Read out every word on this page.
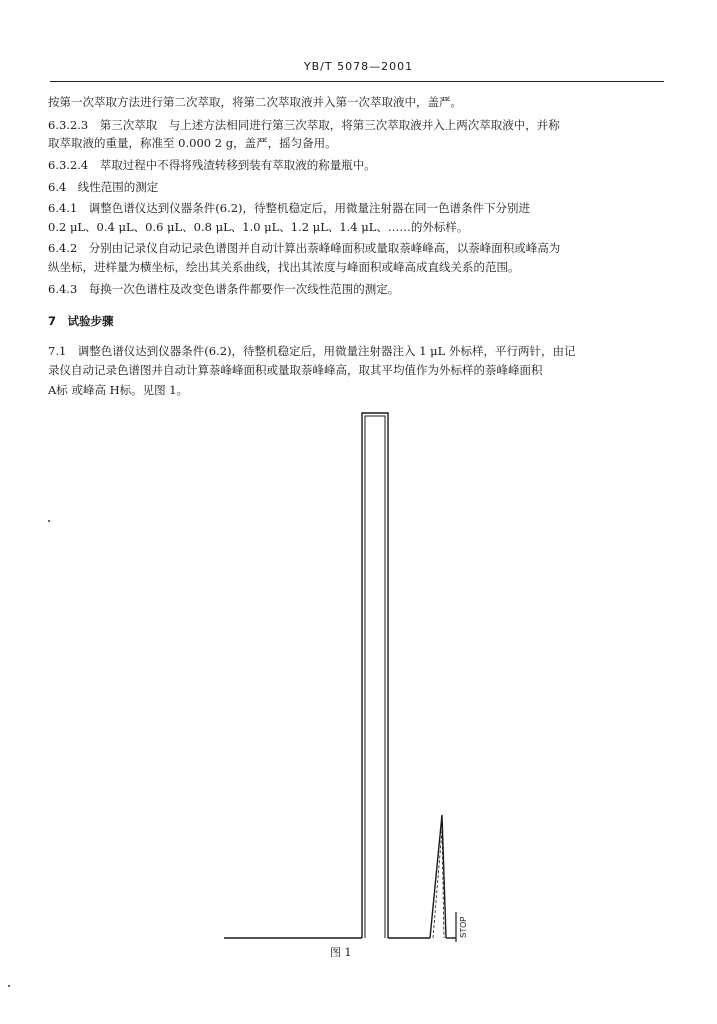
YB/T 5078—2001
按第一次萃取方法进行第二次萃取，将第二次萃取液并入第一次萃取液中，盖严。
6.3.2.3　第三次萃取　与上述方法相同进行第三次萃取，将第三次萃取液并入上两次萃取液中，并称
取萃取液的重量，称准至 0.000 2 g，盖严，摇匀备用。
6.3.2.4　萃取过程中不得将残渣转移到装有萃取液的称量瓶中。
6.4　线性范围的测定
6.4.1　调整色谱仪达到仪器条件(6.2)，待整机稳定后，用微量注射器在同一色谱条件下分别进
0.2 μL、0.4 μL、0.6 μL、0.8 μL、1.0 μL、1.2 μL、1.4 μL、……的外标样。
6.4.2　分别由记录仪自动记录色谱图并自动计算出萘峰峰面积或量取萘峰峰高，以萘峰面积或峰高为
纵坐标，进样量为横坐标，绘出其关系曲线，找出其浓度与峰面积或峰高成直线关系的范围。
6.4.3　每换一次色谱柱及改变色谱条件都要作一次线性范围的测定。
7　试验步骤
7.1　调整色谱仪达到仪器条件(6.2)，待整机稳定后，用微量注射器注入 1 μL 外标样，平行两针，由记
录仪自动记录色谱图并自动计算萘峰峰面积或量取萘峰峰高，取其平均值作为外标样的萘峰峰面积
A标 或峰高 H标。见图 1。
STOP
图 1
